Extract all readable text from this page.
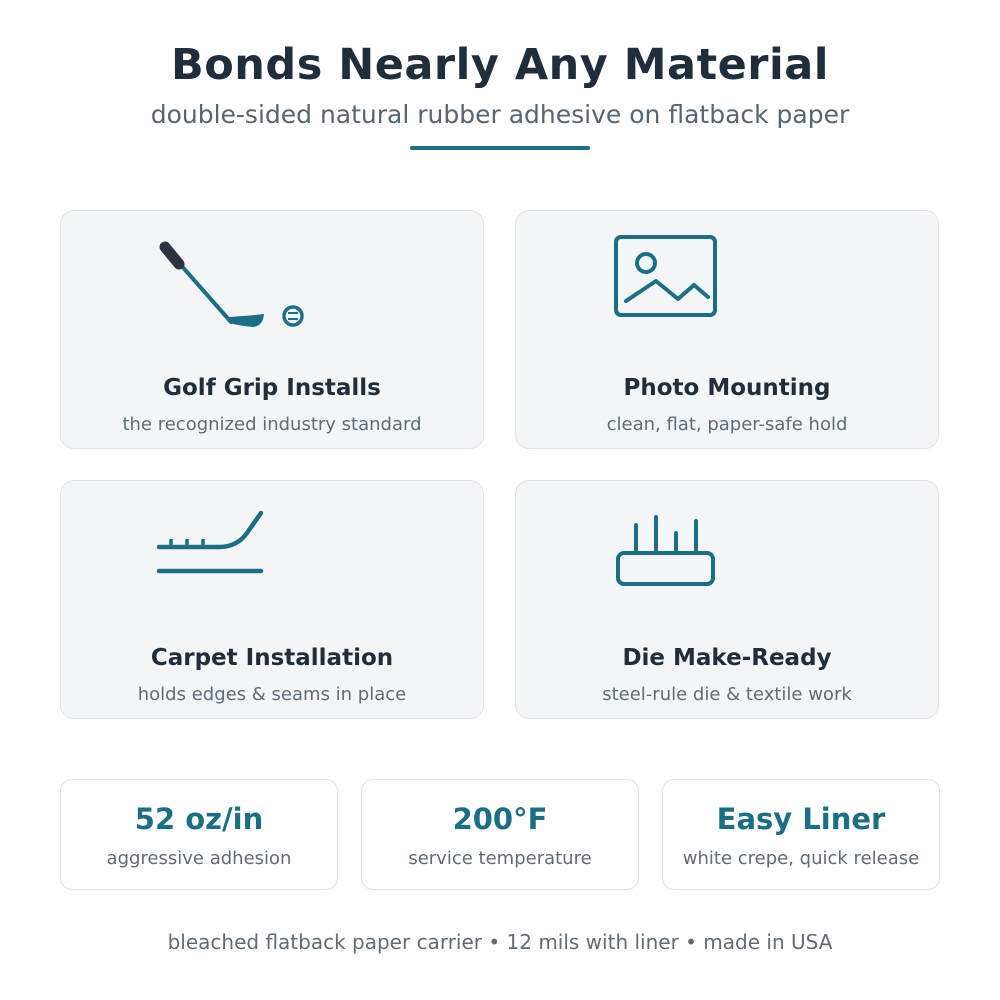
Bonds Nearly Any Material
double-sided natural rubber adhesive on flatback paper
Golf Grip Installs
the recognized industry standard
Photo Mounting
clean, flat, paper-safe hold
Carpet Installation
holds edges & seams in place
Die Make-Ready
steel-rule die & textile work
52 oz/in
aggressive adhesion
200°F
service temperature
Easy Liner
white crepe, quick release
bleached flatback paper carrier • 12 mils with liner • made in USA
